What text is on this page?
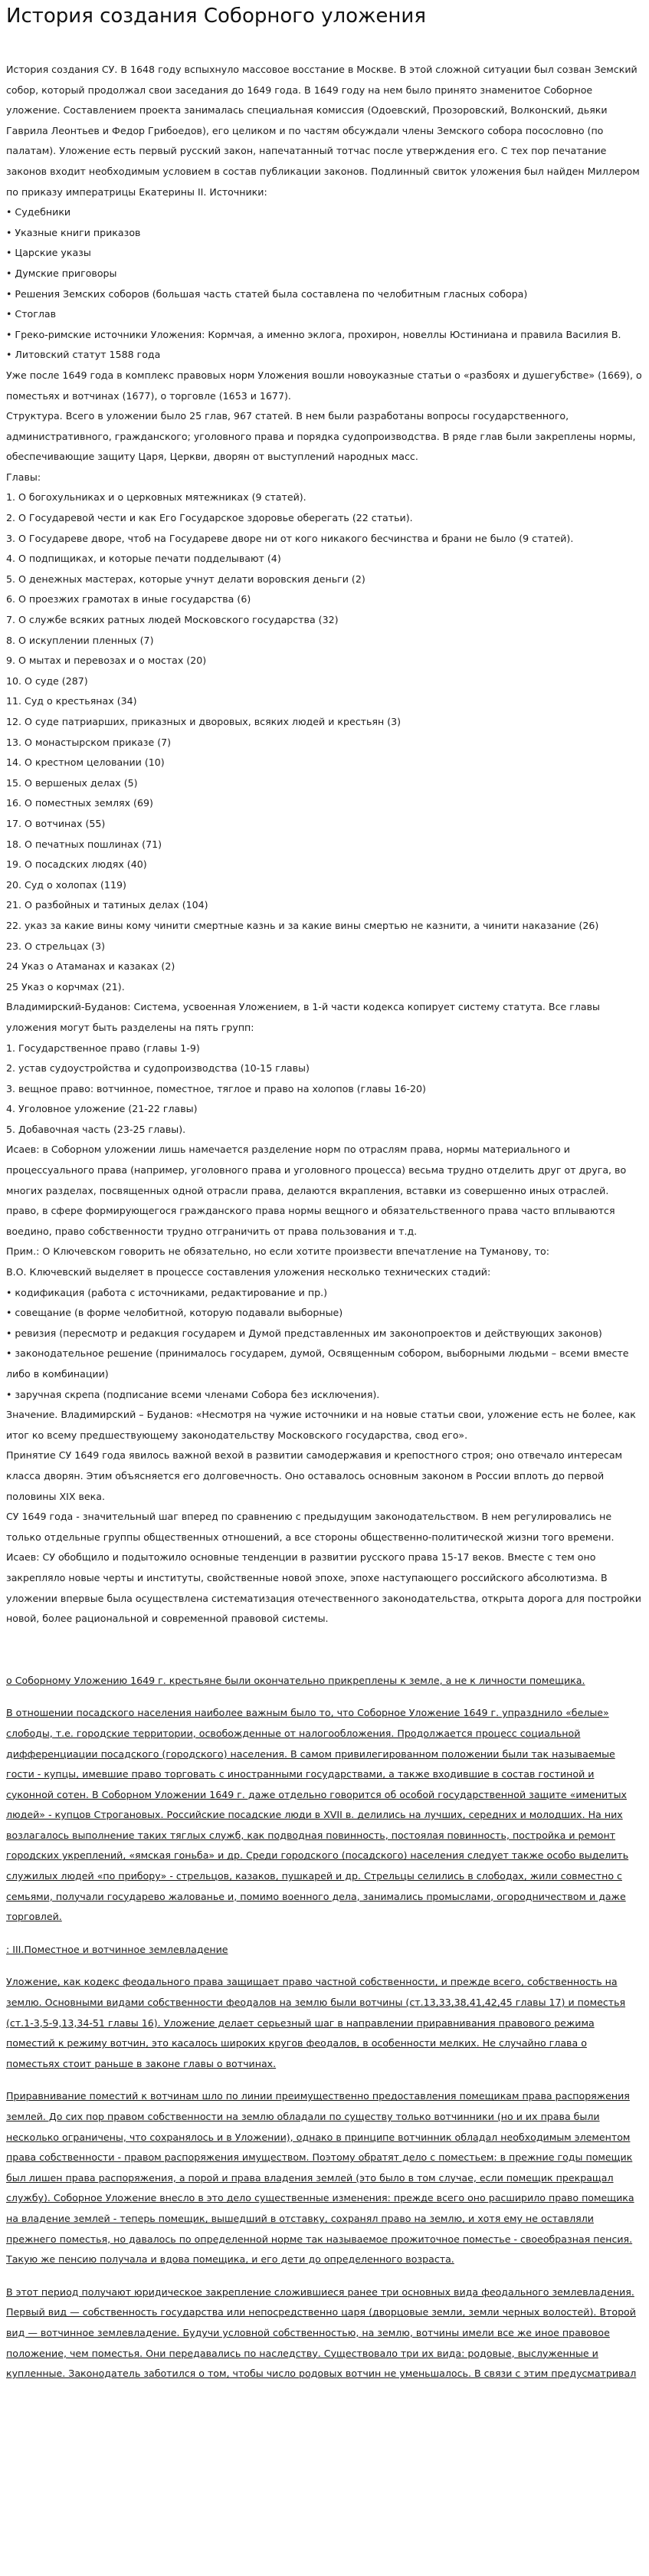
История создания Соборного уложения

История создания СУ. В 1648 году вспыхнуло массовое восстание в Москве. В этой сложной ситуации был созван Земский собор, который продолжал свои заседания до 1649 года. В 1649 году на нем было принято знаменитое Соборное уложение. Составлением проекта занималась специальная комиссия (Одоевский, Прозоровский, Волконский, дьяки Гаврила Леонтьев и Федор Грибоедов), его целиком и по частям обсуждали члены Земского собора посословно (по палатам). Уложение есть первый русский закон, напечатанный тотчас после утверждения его. С тех пор печатание законов входит необходимым условием в состав публикации законов. Подлинный свиток уложения был найден Миллером по приказу императрицы Екатерины II. Источники:

• Судебники

• Указные книги приказов

• Царские указы

• Думские приговоры

• Решения Земских соборов (большая часть статей была составлена по челобитным гласных собора)

• Стоглав

• Греко-римские источники Уложения: Кормчая, а именно эклога, прохирон, новеллы Юстиниана и правила Василия В.

• Литовский статут 1588 года

Уже после 1649 года в комплекс правовых норм Уложения вошли новоуказные статьи о «разбоях и душегубстве» (1669), о поместьях и вотчинах (1677), о торговле (1653 и 1677).

Структура. Всего в уложении было 25 глав, 967 статей. В нем были разработаны вопросы государственного, административного, гражданского; уголовного права и порядка судопроизводства. В ряде глав были закреплены нормы, обеспечивающие защиту Царя, Церкви, дворян от выступлений народных масс.

Главы:

1. О богохульниках и о церковных мятежниках (9 статей).

2. О Государевой чести и как Его Государское здоровье оберегать (22 статьи).

3. О Государеве дворе, чтоб на Государеве дворе ни от кого никакого бесчинства и брани не было (9 статей).

4. О подпищиках, и которые печати подделывают (4)

5. О денежных мастерах, которые учнут делати воровския деньги (2)

6. О проезжих грамотах в иные государства (6)

7. О службе всяких ратных людей Московского государства (32)

8. О искуплении пленных (7)

9. О мытах и перевозах и о мостах (20)

10. О суде (287)

11. Суд о крестьянах (34)

12. О суде патриарших, приказных и дворовых, всяких людей и крестьян (3)

13. О монастырском приказе (7)

14. О крестном целовании (10)

15. О вершеных делах (5)

16. О поместных землях (69)

17. О вотчинах (55)

18. О печатных пошлинах (71)

19. О посадских людях (40)

20. Суд о холопах (119)

21. О разбойных и татиных делах (104)

22. указ за какие вины кому чинити смертные казнь и за какие вины смертью не казнити, а чинити наказание (26)

23. О стрельцах (3)

24 Указ о Атаманах и казаках (2)

25 Указ о корчмах (21).

Владимирский-Буданов: Система, усвоенная Уложением, в 1-й части кодекса копирует систему статута. Все главы уложения могут быть разделены на пять групп:

1. Государственное право (главы 1-9)

2. устав судоустройства и судопроизводства (10-15 главы)

3. вещное право: вотчинное, поместное, тяглое и право на холопов (главы 16-20)

4. Уголовное уложение (21-22 главы)

5. Добавочная часть (23-25 главы).

Исаев: в Соборном уложении лишь намечается разделение норм по отраслям права, нормы материального и процессуального права (например, уголовного права и уголовного процесса) весьма трудно отделить друг от друга, во многих разделах, посвященных одной отрасли права, делаются вкрапления, вставки из совершенно иных отраслей. право, в сфере формирующегося гражданского права нормы вещного и обязательственного права часто вплываются воедино, право собственности трудно отграничить от права пользования и т.д.

Прим.: О Ключевском говорить не обязательно, но если хотите произвести впечатление на Туманову, то:

В.О. Ключевский выделяет в процессе составления уложения несколько технических стадий:

• кодификация (работа с источниками, редактирование и пр.)

• совещание (в форме челобитной, которую подавали выборные)

• ревизия (пересмотр и редакция государем и Думой представленных им законопроектов и действующих законов)

• законодательное решение (принималось государем, думой, Освященным собором, выборными людьми – всеми вместе либо в комбинации)

• заручная скрепа (подписание всеми членами Собора без исключения).

Значение. Владимирский – Буданов: «Несмотря на чужие источники и на новые статьи свои, уложение есть не более, как итог ко всему предшествующему законодательству Московского государства, свод его».

Принятие СУ 1649 года явилось важной вехой в развитии самодержавия и крепостного строя; оно отвечало интересам класса дворян. Этим объясняется его долговечность. Оно оставалось основным законом в России вплоть до первой половины XIX века.

СУ 1649 года - значительный шаг вперед по сравнению с предыдущим законодательством. В нем регулировались не только отдельные группы общественных отношений, а все стороны общественно-политической жизни того времени.

Исаев: СУ обобщило и подытожило основные тенденции в развитии русского права 15-17 веков. Вместе с тем оно закрепляло новые черты и институты, свойственные новой эпохе, эпохе наступающего российского абсолютизма. В уложении впервые была осуществлена систематизация отечественного законодательства, открыта дорога для постройки новой, более рациональной и современной правовой системы.

о Соборному Уложению 1649 г. крестьяне были окончательно прикреплены к земле, а не к личности помещика.

В отношении посадского населения наиболее важным было то, что Соборное Уложение 1649 г. упразднило «белые» слободы, т.е. городские территории, освобожденные от налогообложения. Продолжается процесс социальной дифференциации посадского (городского) населения. В самом привилегированном положении были так называемые гости - купцы, имевшие право торговать с иностранными государствами, а также входившие в состав гостиной и суконной сотен. В Соборном Уложении 1649 г. даже отдельно говорится об особой государственной защите «именитых людей» - купцов Строгановых. Российские посадские люди в XVII в. делились на лучших, середних и молодших. На них возлагалось выполнение таких тяглых служб, как подводная повинность, постоялая повинность, постройка и ремонт городских укреплений, «ямская гоньба» и др. Среди городского (посадского) населения следует также особо выделить служилых людей «по прибору» - стрельцов, казаков, пушкарей и др. Стрельцы селились в слободах, жили совместно с семьями, получали государево жалованье и, помимо военного дела, занимались промыслами, огородничеством и даже торговлей.

: III.Поместное и вотчинное землевладение

Уложение, как кодекс феодального права защищает право частной собственности, и прежде всего, собственность на землю. Основными видами собственности феодалов на землю были вотчины (ст.13,33,38,41,42,45 главы 17) и поместья (ст.1-3,5-9,13,34-51 главы 16). Уложение делает серьезный шаг в направлении приравнивания правового режима поместий к режиму вотчин, это касалось широких кругов феодалов, в особенности мелких. Не случайно глава о поместьях стоит раньше в законе главы о вотчинах.

Приравнивание поместий к вотчинам шло по линии преимущественно предоставления помещикам права распоряжения землей. До сих пор правом собственности на землю обладали по существу только вотчинники (но и их права были несколько ограничены, что сохранялось и в Уложении), однако в принципе вотчинник обладал необходимым элементом права собственности - правом распоряжения имуществом. Поэтому обратят дело с поместьем: в прежние годы помещик был лишен права распоряжения, а порой и права владения землей (это было в том случае, если помещик прекращал службу). Соборное Уложение внесло в это дело существенные изменения: прежде всего оно расширило право помещика на владение землей - теперь помещик, вышедший в отставку, сохранял право на землю, и хотя ему не оставляли прежнего поместья, но давалось по определенной норме так называемое прожиточное поместье - своеобразная пенсия. Такую же пенсию получала и вдова помещика, и его дети до определенного возраста.

В этот период получают юридическое закрепление сложившиеся ранее три основных вида феодального землевладения. Первый вид — собственность государства или непосредственно царя (дворцовые земли, земли черных волостей). Второй вид — вотчинное землевладение. Будучи условной собственностью, на землю, вотчины имели все же иное правовое положение, чем поместья. Они передавались по наследству. Существовало три их вида: родовые, выслуженные и купленные. Законодатель заботился о том, чтобы число родовых вотчин не уменьшалось. В связи с этим предусматривал
